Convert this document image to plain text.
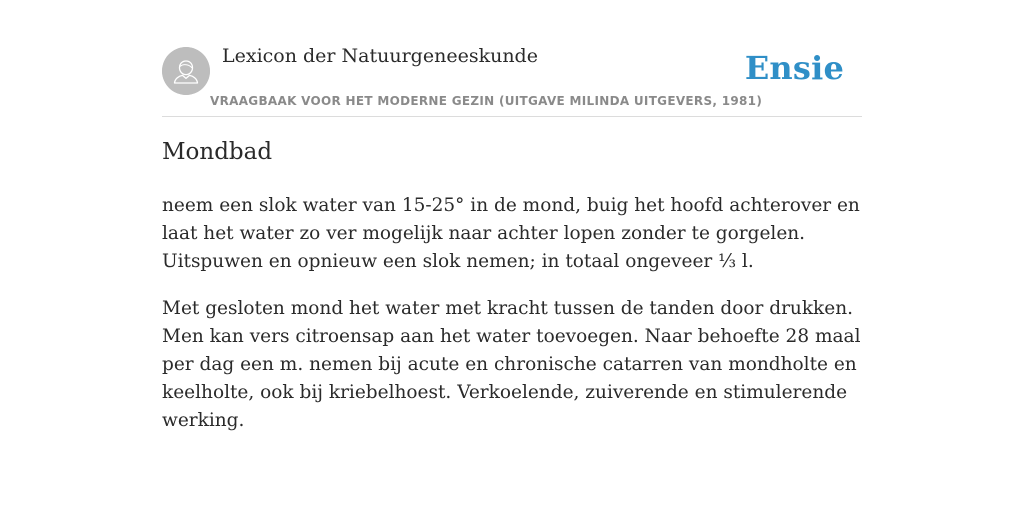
Lexicon der Natuurgeneeskunde
VRAAGBAAK VOOR HET MODERNE GEZIN (UITGAVE MILINDA UITGEVERS, 1981)
Ensie
Mondbad

neem een slok water van 15-25° in de mond, buig het hoofd achterover en laat het water zo ver mogelijk naar achter lopen zonder te gorgelen. Uitspuwen en opnieuw een slok nemen; in totaal ongeveer ⅓ l.

Met gesloten mond het water met kracht tussen de tanden door drukken. Men kan vers citroensap aan het water toevoegen. Naar behoefte 28 maal per dag een m. nemen bij acute en chronische catarren van mondholte en keelholte, ook bij kriebelhoest. Verkoelende, zuiverende en stimulerende werking.
